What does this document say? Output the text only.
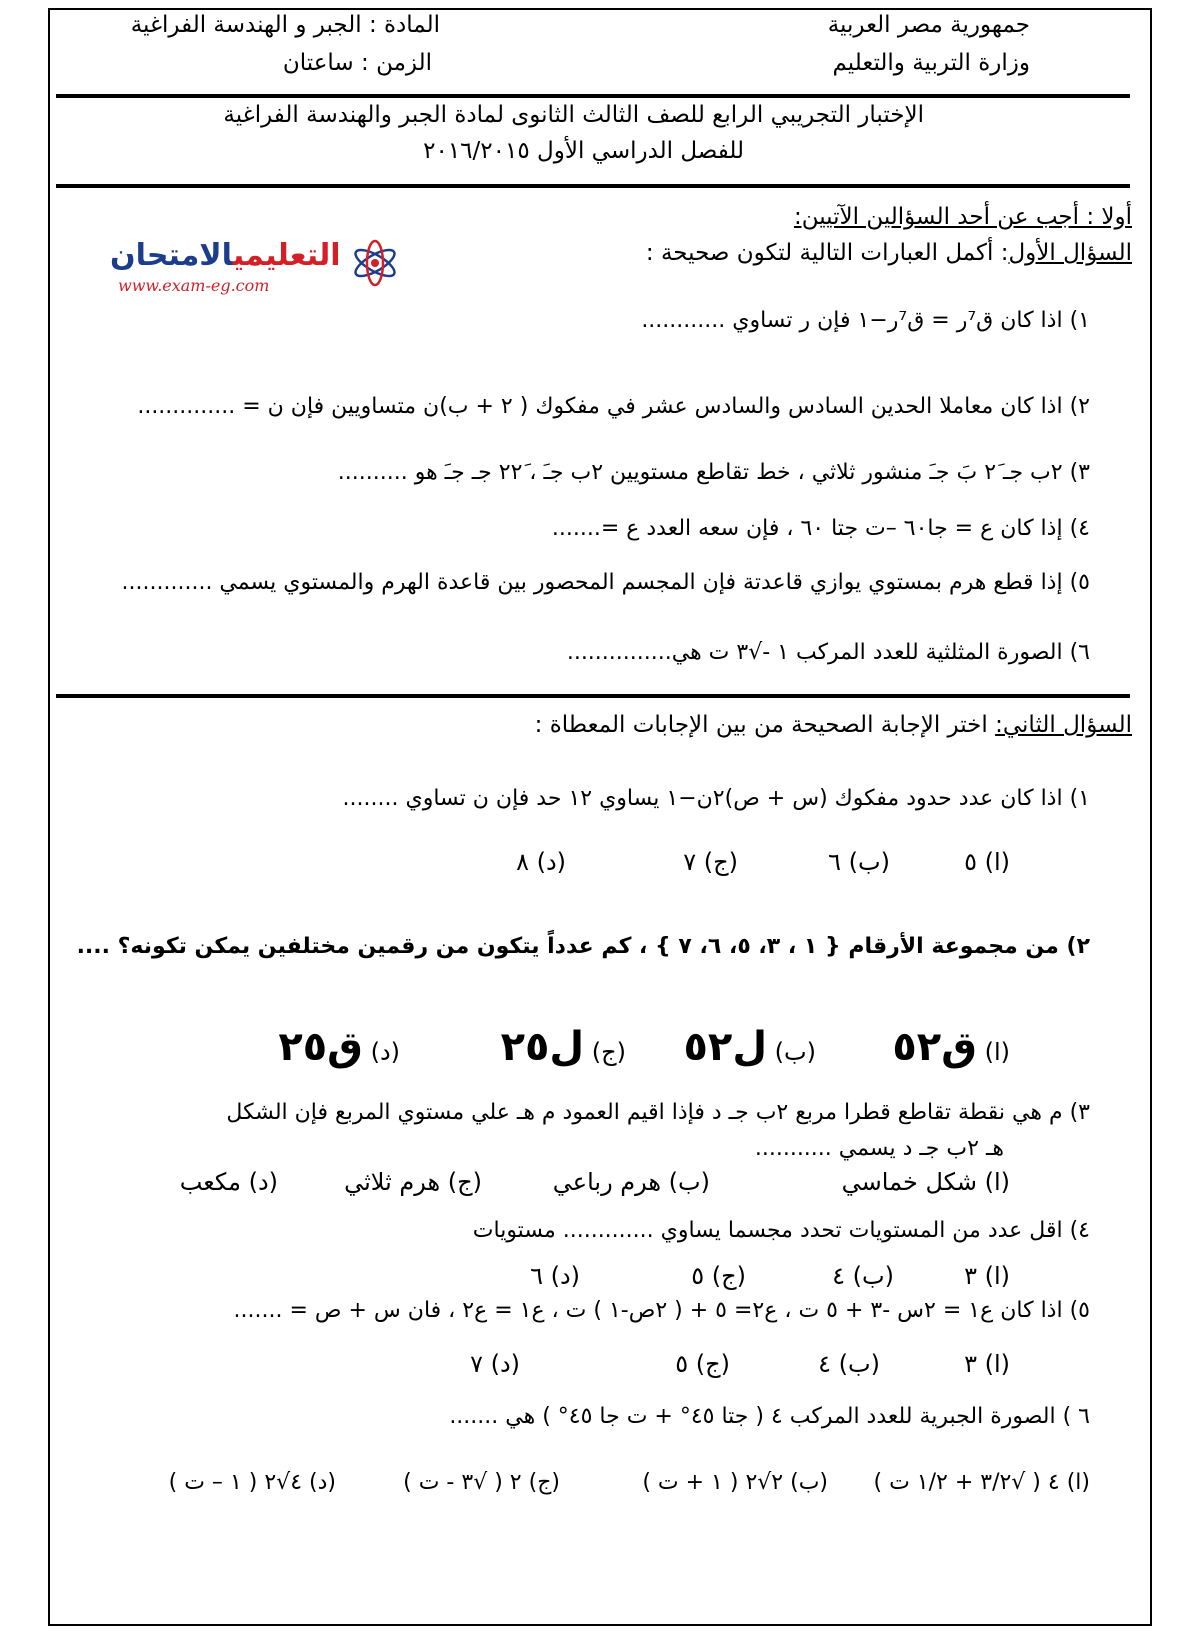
جمهورية مصر العربية
وزارة التربية والتعليم
المادة : الجبر و الهندسة الفراغية
الزمن : ساعتان
الإختبار التجريبي الرابع للصف الثالث الثانوى لمادة الجبر والهندسة الفراغية
للفصل الدراسي الأول ٢٠١٦/٢٠١٥
أولا : أجب عن أحد السؤالين الآتيين:
السؤال الأول: أكمل العبارات التالية لتكون صحيحة :
التعليميالامتحان
www.exam-eg.com
١) اذا كان ق⁷ر = ق⁷ر−١ فإن ر تساوي ............
٢) اذا كان معاملا الحدين السادس والسادس عشر في مفكوك ( ٢ + ب)ن متساويين فإن ن = ..............
٣) ٢ب جـ ٢َ بَ جـَ منشور ثلاثي ، خط تقاطع مستويين ٢ب جـَ ، ٢٢َ جـ جـَ هو ..........
٤) إذا كان ع = جا٦٠ –ت جتا ٦٠ ، فإن سعه العدد ع =.......
٥) إذا قطع هرم بمستوي يوازي قاعدتة فإن المجسم المحصور بين قاعدة الهرم والمستوي يسمي .............
٦) الصورة المثلثية للعدد المركب ١ -√٣ ت هي...............
السؤال الثاني: اختر الإجابة الصحيحة من بين الإجابات المعطاة :
١) اذا كان عدد حدود مفكوك (س + ص)٢ن−١ يساوي ١٢ حد فإن ن تساوي ........
(ا) ٥
(ب) ٦
(ج) ٧
(د) ٨
٢) من مجموعة الأرقام { ١ ، ٣، ٥، ٦، ٧ } ، كم عدداً يتكون من رقمين مختلفين يمكن تكونه؟ ....
(ا) ق٥٢
(ب) ل٥٢
(ج) ل٢٥
(د) ق٢٥
٣) م هي نقطة تقاطع قطرا مربع ٢ب جـ د فإذا اقيم العمود م هـ علي مستوي المربع فإن الشكل
هـ ٢ب جـ د يسمي ...........
(ا) شكل خماسي
(ب) هرم رباعي
(ج) هرم ثلاثي
(د) مكعب
٤) اقل عدد من المستويات تحدد مجسما يساوي ............. مستويات
(ا) ٣
(ب) ٤
(ج) ٥
(د) ٦
٥) اذا كان ع١ = ٢س -٣ + ٥ ت ، ع٢= ٥ + ( ٢ص-١ ) ت ، ع١ = ع٢ ، فان س + ص = .......
(ا) ٣
(ب) ٤
(ج) ٥
(د) ٧
٦ ) الصورة الجبرية للعدد المركب ٤ ( جتا ٤٥° + ت جا ٤٥° ) هي .......
(ا) ٤ ( √٣/٢ + ١/٢ ت )
(ب) ٢√٢ ( ١ + ت )
(ج) ٢ ( √٣ - ت )
(د) ٤√٢ ( ١ – ت )
